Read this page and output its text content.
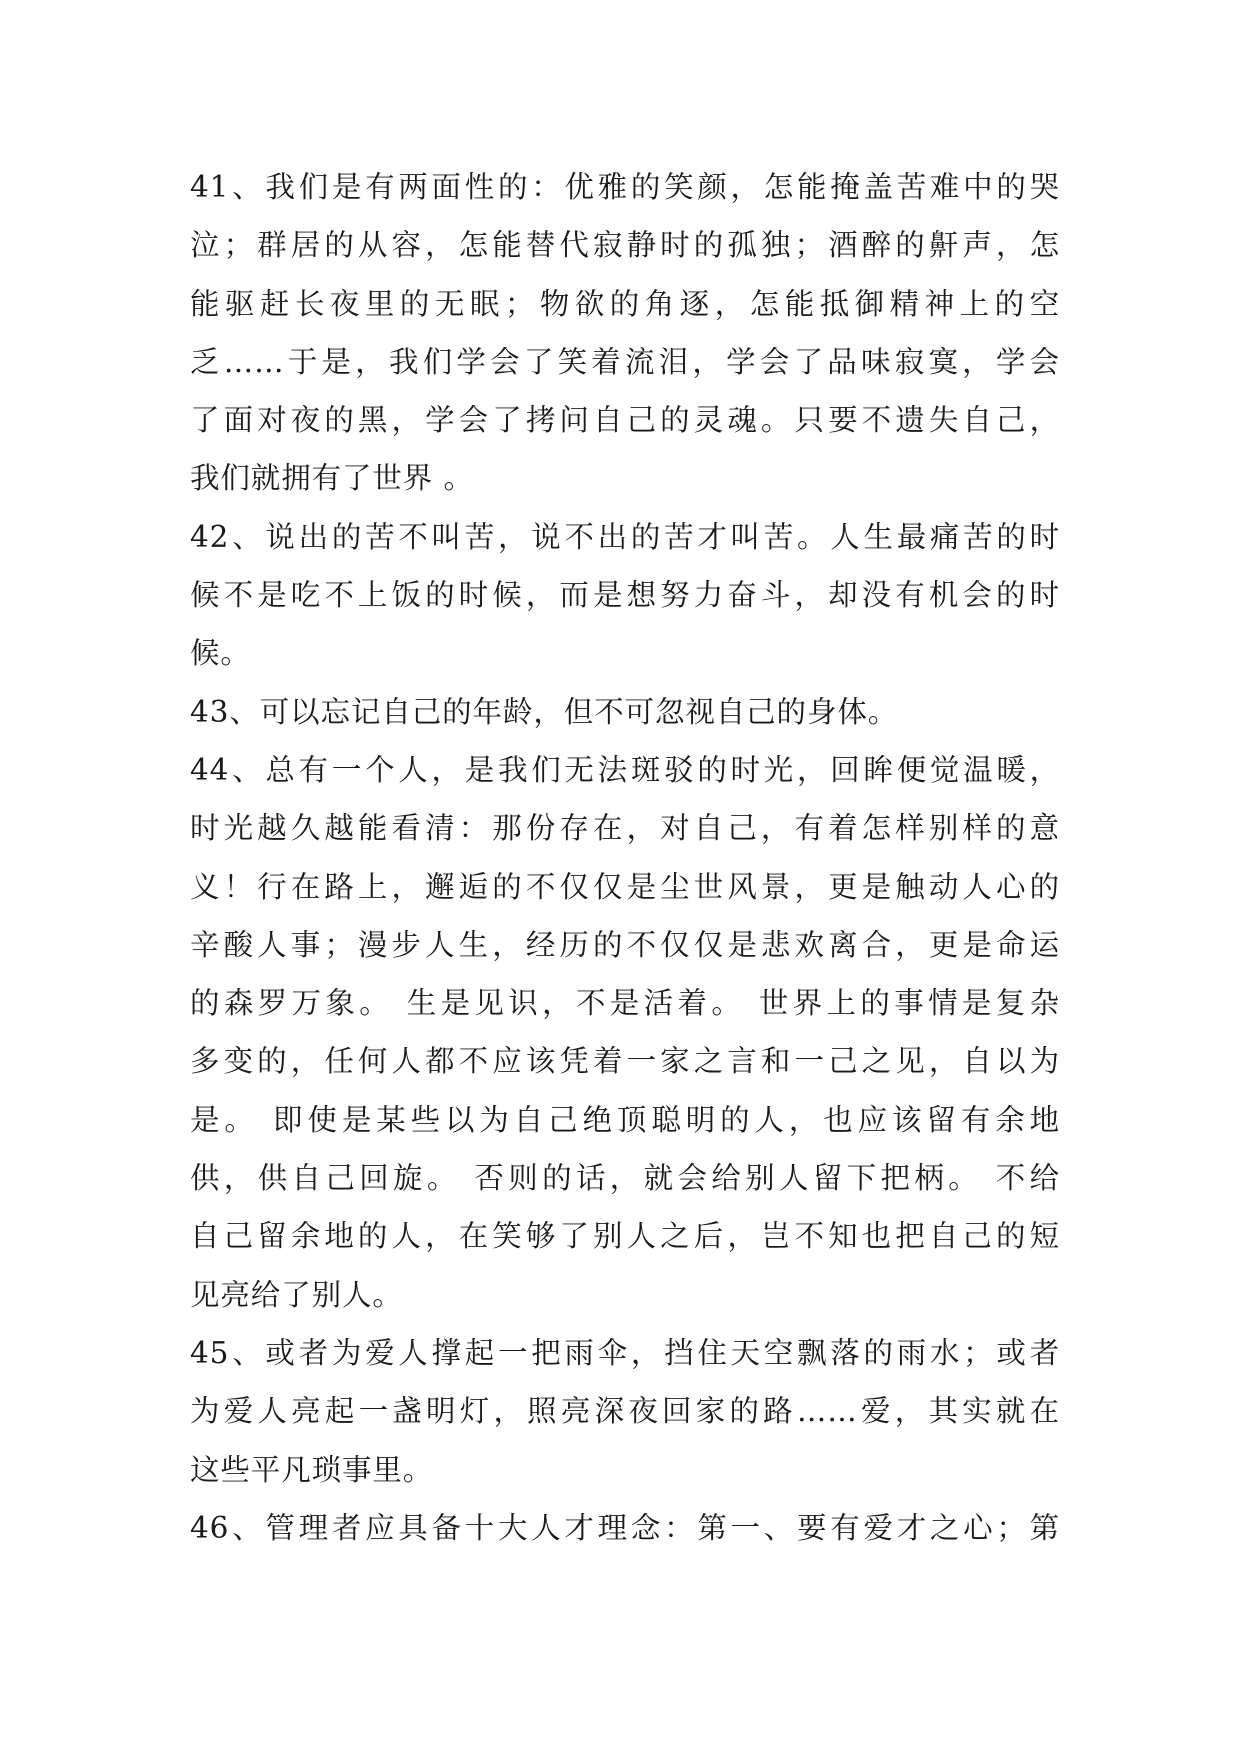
41、我们是有两面性的：优雅的笑颜，怎能掩盖苦难中的哭
泣；群居的从容，怎能替代寂静时的孤独；酒醉的鼾声，怎
能驱赶长夜里的无眠；物欲的角逐，怎能抵御精神上的空
乏……于是，我们学会了笑着流泪，学会了品味寂寞，学会
了面对夜的黑，学会了拷问自己的灵魂。只要不遗失自己，
我们就拥有了世界 。
42、说出的苦不叫苦，说不出的苦才叫苦。人生最痛苦的时
候不是吃不上饭的时候，而是想努力奋斗，却没有机会的时
候。
43、可以忘记自己的年龄，但不可忽视自己的身体。
44、总有一个人，是我们无法斑驳的时光，回眸便觉温暖，
时光越久越能看清：那份存在，对自己，有着怎样别样的意
义！行在路上，邂逅的不仅仅是尘世风景，更是触动人心的
辛酸人事；漫步人生，经历的不仅仅是悲欢离合，更是命运
的森罗万象。 生是见识，不是活着。 世界上的事情是复杂
多变的，任何人都不应该凭着一家之言和一己之见，自以为
是。 即使是某些以为自己绝顶聪明的人，也应该留有余地
供，供自己回旋。 否则的话，就会给别人留下把柄。 不给
自己留余地的人，在笑够了别人之后，岂不知也把自己的短
见亮给了别人。
45、或者为爱人撑起一把雨伞，挡住天空飘落的雨水；或者
为爱人亮起一盏明灯，照亮深夜回家的路……爱，其实就在
这些平凡琐事里。
46、管理者应具备十大人才理念：第一、要有爱才之心；第
